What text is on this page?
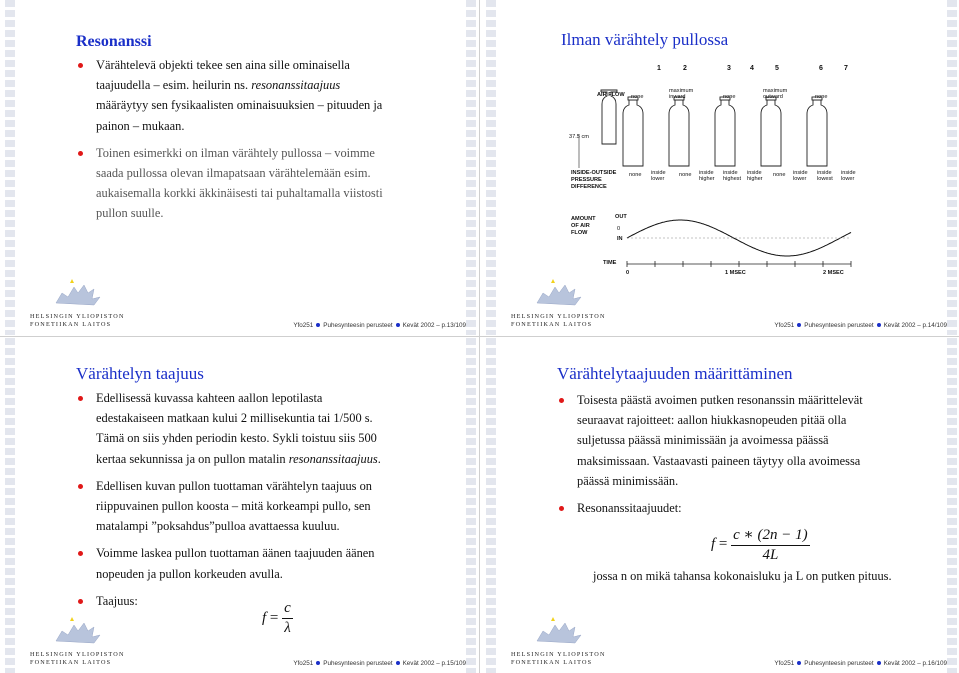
Resonanssi
Värähtelevä objekti tekee sen aina sille ominaisella
taajuudella – esim. heilurin ns. resonanssitaajuus
määräytyy sen fysikaalisten ominaisuuksien – pituuden ja
painon – mukaan.
Toinen esimerkki on ilman värähtely pullossa – voimme
saada pullossa olevan ilmapatsaan värähtelemään esim.
aukaisemalla korkki äkkinäisesti tai puhaltamalla viistosti
pullon suulle.
HELSINGIN YLIOPISTON
FONETIIKAN LAITOS	Yfo251 Puhesynteesin perusteet Kevät 2002 – p.13/109
Ilman värähtely pullossa
1	2	3	4	5	6	7
AIR FLOW none
maximum inward	none
maximum outward	none
37.5 cm
INSIDE-OUTSIDE
PRESSURE
DIFFERENCE
none inside lower
none inside higher
inside highest
inside higher
none inside lower
inside lowest
inside lower
AMOUNT
OF AIR
FLOW
OUT
0
IN
TIME
0	1 MSEC	2 MSEC
HELSINGIN YLIOPISTON
FONETIIKAN LAITOS	Yfo251 Puhesynteesin perusteet Kevät 2002 – p.14/109
Värähtelyn taajuus
Edellisessä kuvassa kahteen aallon lepotilasta
edestakaiseen matkaan kului 2 millisekuntia tai 1/500 s.
Tämä on siis yhden periodin kesto. Sykli toistuu siis 500
kertaa sekunnissa ja on pullon matalin resonanssitaajuus.
Edellisen kuvan pullon tuottaman värähtelyn taajuus on
riippuvainen pullon koosta – mitä korkeampi pullo, sen
matalampi ”poksahdus”pulloa avattaessa kuuluu.
Voimme laskea pullon tuottaman äänen taajuuden äänen
nopeuden ja pullon korkeuden avulla.
Taajuus:
$f = \frac{c}{\lambda}$
HELSINGIN YLIOPISTON
FONETIIKAN LAITOS	Yfo251 Puhesynteesin perusteet Kevät 2002 – p.15/109
Värähtelytaajuuden määrittäminen
Toisesta päästä avoimen putken resonanssin määrittelevät
seuraavat rajoitteet: aallon hiukkasnopeuden pitää olla
suljetussa päässä minimissään ja avoimessa päässä
maksimissaan. Vastaavasti paineen täytyy olla avoimessa
päässä minimissään.
Resonanssitaajuudet:
$f = \frac{c ∗ (2n - 1)}{4L}$
jossa n on mikä tahansa kokonaisluku ja L on putken pituus.
HELSINGIN YLIOPISTON
FONETIIKAN LAITOS	Yfo251 Puhesynteesin perusteet Kevät 2002 – p.16/109
